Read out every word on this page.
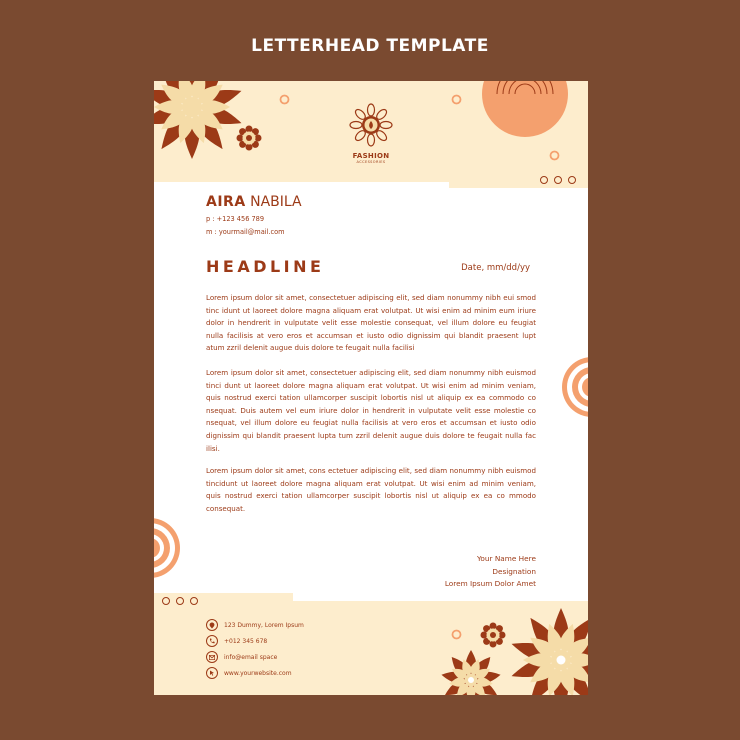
LETTERHEAD TEMPLATE
FASHION
ACCESSORIES
AIRA NABILA
p : +123 456 789
m : yourmail@mail.com
HEADLINE	Date, mm/dd/yy

Lorem ipsum dolor sit amet, consectetuer adipiscing elit, sed diam nonummy nibh eui smod tinc idunt ut laoreet dolore magna aliquam erat volutpat. Ut wisi enim ad minim eum iriure dolor in hendrerit in vulputate velit esse molestie consequat, vel illum dolore eu feugiat nulla facilisis at vero eros et accumsan et iusto odio dignissim qui blandit praesent lupt atum zzril delenit augue duis dolore te feugait nulla facilisi

Lorem ipsum dolor sit amet, consectetuer adipiscing elit, sed diam nonummy nibh euismod tinci dunt ut laoreet dolore magna aliquam erat volutpat. Ut wisi enim ad minim veniam, quis nostrud exerci tation ullamcorper suscipit lobortis nisl ut aliquip ex ea commodo co nsequat. Duis autem vel eum iriure dolor in hendrerit in vulputate velit esse molestie co nsequat, vel illum dolore eu feugiat nulla facilisis at vero eros et accumsan et iusto odio dignissim qui blandit praesent lupta tum zzril delenit augue duis dolore te feugait nulla fac ilisi.

Lorem ipsum dolor sit amet, cons ectetuer adipiscing elit, sed diam nonummy nibh euismod tincidunt ut laoreet dolore magna aliquam erat volutpat. Ut wisi enim ad minim veniam, quis nostrud exerci tation ullamcorper suscipit lobortis nisl ut aliquip ex ea co mmodo consequat.

Your Name Here
Designation
Lorem Ipsum Dolor Amet
123 Dummy, Lorem Ipsum
+012 345 678
info@email space
www.yourwebsite.com
